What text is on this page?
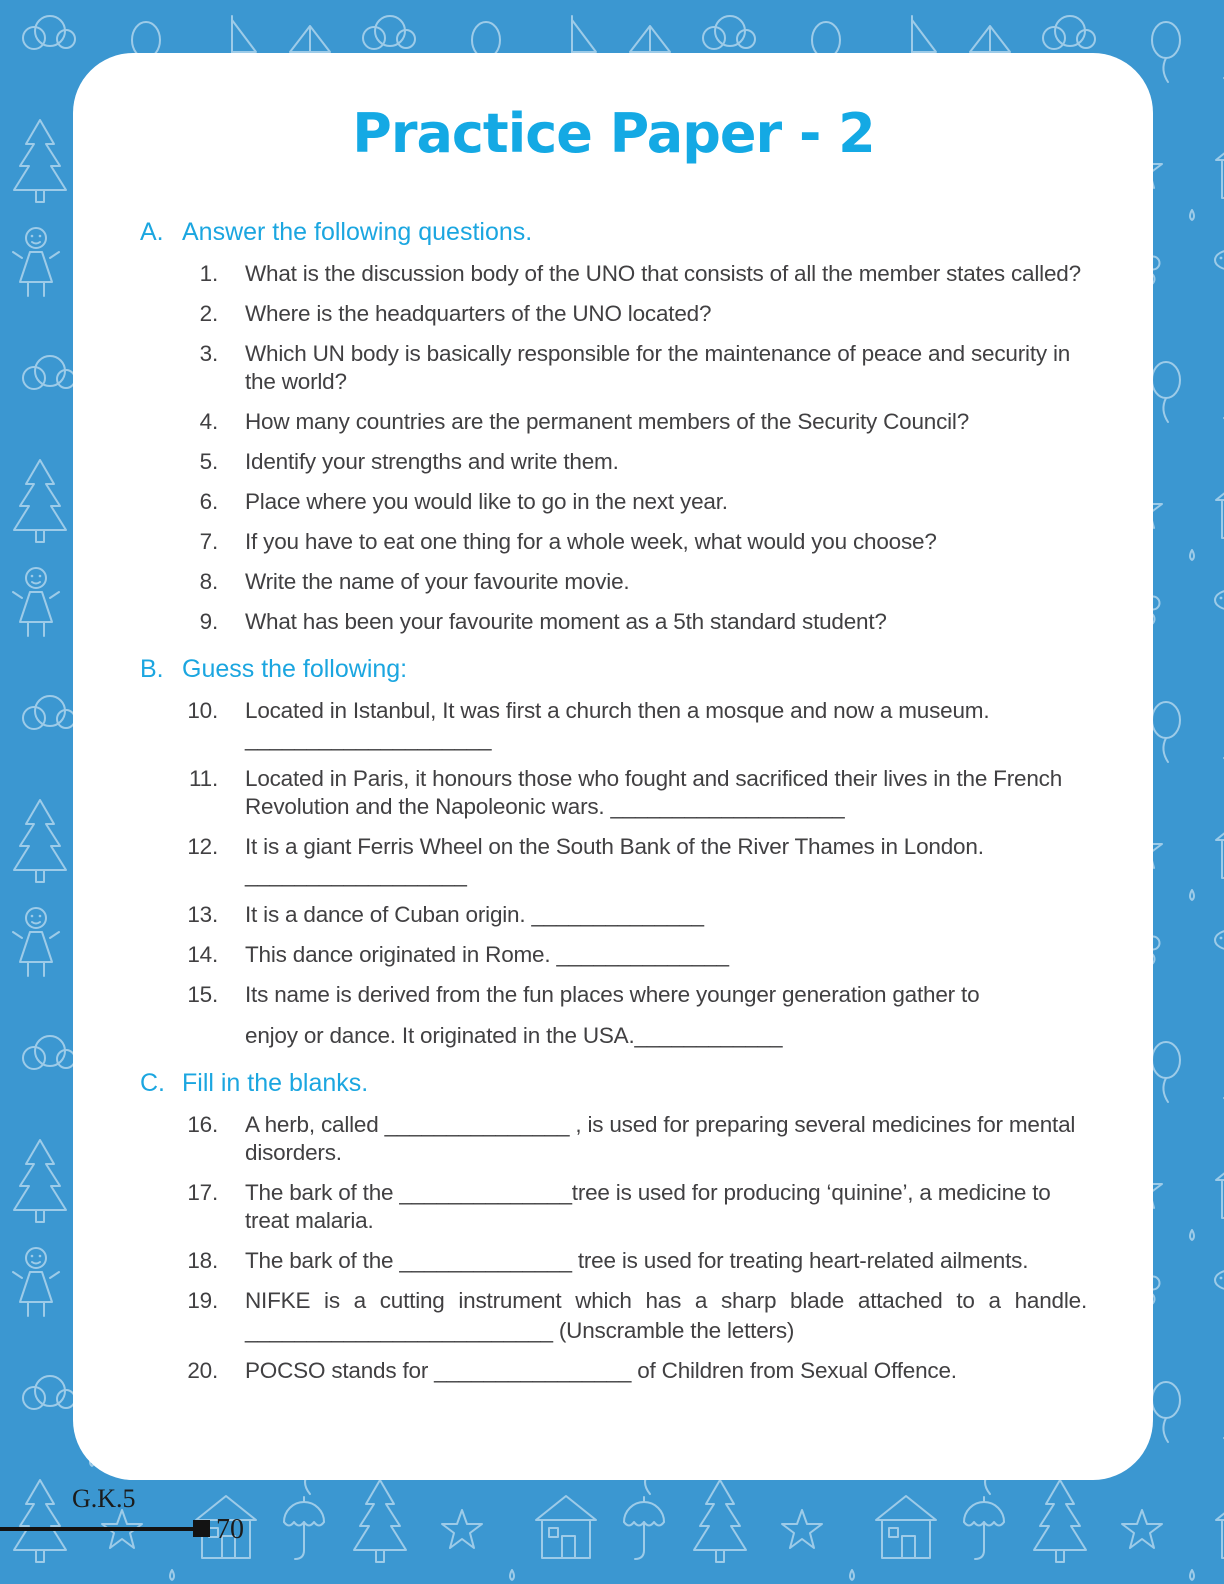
Practice Paper - 2
A. Answer the following questions.
1. What is the discussion body of the UNO that consists of all the member states called?
2. Where is the headquarters of the UNO located?
3. Which UN body is basically responsible for the maintenance of peace and security in the world?
4. How many countries are the permanent members of the Security Council?
5. Identify your strengths and write them.
6. Place where you would like to go in the next year.
7. If you have to eat one thing for a whole week, what would you choose?
8. Write the name of your favourite movie.
9. What has been your favourite moment as a 5th standard student?
B. Guess the following:
10. Located in Istanbul, It was first a church then a mosque and now a museum.
____________________
11. Located in Paris, it honours those who fought and sacrificed their lives in the French Revolution and the Napoleonic wars. ___________________
12. It is a giant Ferris Wheel on the South Bank of the River Thames in London.
__________________
13. It is a dance of Cuban origin. ______________
14. This dance originated in Rome. ______________
15. Its name is derived from the fun places where younger generation gather to
enjoy or dance. It originated in the USA.____________
C. Fill in the blanks.
16. A herb, called _______________ , is used for preparing several medicines for mental disorders.
17. The bark of the ______________tree is used for producing ‘quinine’, a medicine to treat malaria.
18. The bark of the ______________ tree is used for treating heart-related ailments.
19. NIFKE is a cutting instrument which has a sharp blade attached to a handle.
_________________________ (Unscramble the letters)
20. POCSO stands for ________________ of Children from Sexual Offence.
G.K.5
70
